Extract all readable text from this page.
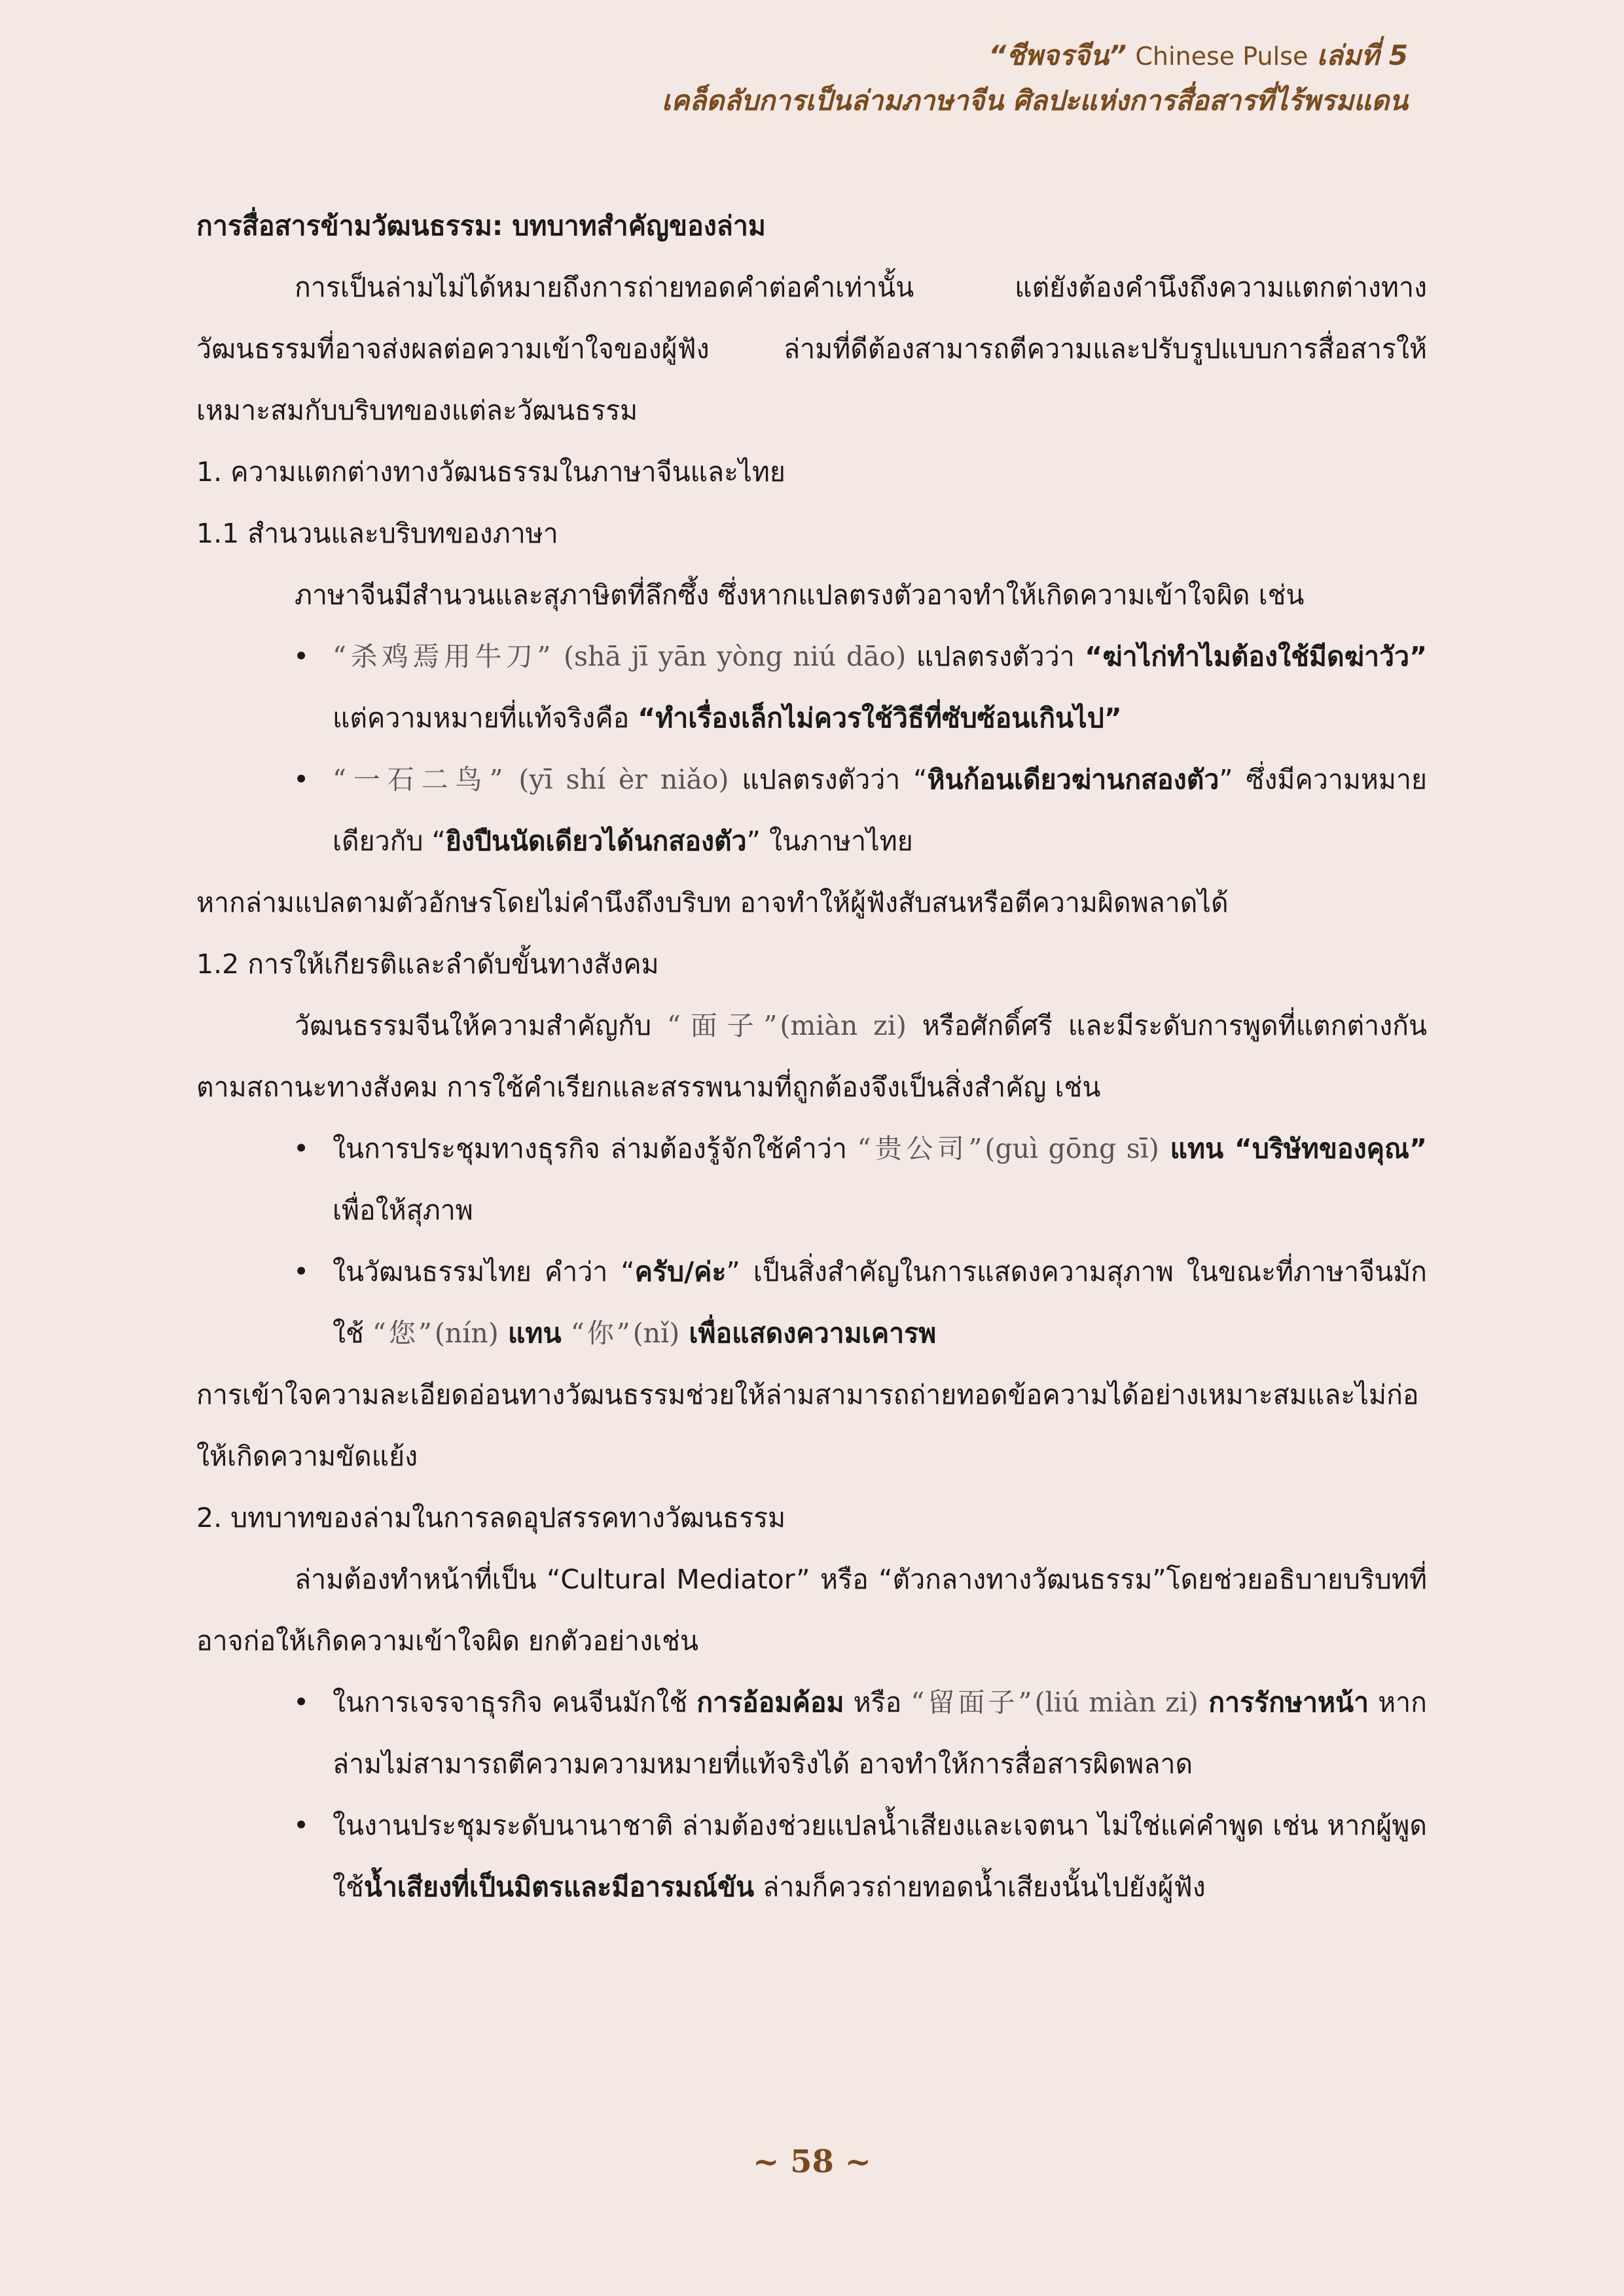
“ชีพจรจีน” Chinese Pulse เล่มที่ 5
เคล็ดลับการเป็นล่ามภาษาจีน ศิลปะแห่งการสื่อสารที่ไร้พรมแดน

การสื่อสารข้ามวัฒนธรรม: บทบาทสำคัญของล่าม

การเป็นล่ามไม่ได้หมายถึงการถ่ายทอดคำต่อคำเท่านั้น แต่ยังต้องคำนึงถึงความแตกต่างทางวัฒนธรรมที่อาจส่งผลต่อความเข้าใจของผู้ฟัง ล่ามที่ดีต้องสามารถตีความและปรับรูปแบบการสื่อสารให้เหมาะสมกับบริบทของแต่ละวัฒนธรรม

1. ความแตกต่างทางวัฒนธรรมในภาษาจีนและไทย

1.1 สำนวนและบริบทของภาษา

ภาษาจีนมีสำนวนและสุภาษิตที่ลึกซึ้ง ซึ่งหากแปลตรงตัวอาจทำให้เกิดความเข้าใจผิด เช่น

• “杀鸡焉用牛刀” (shā jī yān yòng niú dāo) แปลตรงตัวว่า “ฆ่าไก่ทำไมต้องใช้มีดฆ่าวัว” แต่ความหมายที่แท้จริงคือ “ทำเรื่องเล็กไม่ควรใช้วิธีที่ซับซ้อนเกินไป”
• “一石二鸟” (yī shí èr niǎo) แปลตรงตัวว่า “หินก้อนเดียวฆ่านกสองตัว” ซึ่งมีความหมายเดียวกับ “ยิงปืนนัดเดียวได้นกสองตัว” ในภาษาไทย

หากล่ามแปลตามตัวอักษรโดยไม่คำนึงถึงบริบท อาจทำให้ผู้ฟังสับสนหรือตีความผิดพลาดได้

1.2 การให้เกียรติและลำดับขั้นทางสังคม

วัฒนธรรมจีนให้ความสำคัญกับ “面子”(miàn zi) หรือศักดิ์ศรี และมีระดับการพูดที่แตกต่างกันตามสถานะทางสังคม การใช้คำเรียกและสรรพนามที่ถูกต้องจึงเป็นสิ่งสำคัญ เช่น

• ในการประชุมทางธุรกิจ ล่ามต้องรู้จักใช้คำว่า “贵公司”(guì gōng sī) แทน “บริษัทของคุณ” เพื่อให้สุภาพ
• ในวัฒนธรรมไทย คำว่า “ครับ/ค่ะ” เป็นสิ่งสำคัญในการแสดงความสุภาพ ในขณะที่ภาษาจีนมักใช้ “您”(nín) แทน “你”(nǐ) เพื่อแสดงความเคารพ

การเข้าใจความละเอียดอ่อนทางวัฒนธรรมช่วยให้ล่ามสามารถถ่ายทอดข้อความได้อย่างเหมาะสมและไม่ก่อให้เกิดความขัดแย้ง

2. บทบาทของล่ามในการลดอุปสรรคทางวัฒนธรรม

ล่ามต้องทำหน้าที่เป็น “Cultural Mediator” หรือ “ตัวกลางทางวัฒนธรรม”โดยช่วยอธิบายบริบทที่อาจก่อให้เกิดความเข้าใจผิด ยกตัวอย่างเช่น

• ในการเจรจาธุรกิจ คนจีนมักใช้ การอ้อมค้อม หรือ “留面子”(liú miàn zi) การรักษาหน้า หากล่ามไม่สามารถตีความความหมายที่แท้จริงได้ อาจทำให้การสื่อสารผิดพลาด
• ในงานประชุมระดับนานาชาติ ล่ามต้องช่วยแปลน้ำเสียงและเจตนา ไม่ใช่แค่คำพูด เช่น หากผู้พูดใช้น้ำเสียงที่เป็นมิตรและมีอารมณ์ขัน ล่ามก็ควรถ่ายทอดน้ำเสียงนั้นไปยังผู้ฟัง
~ 58 ~
